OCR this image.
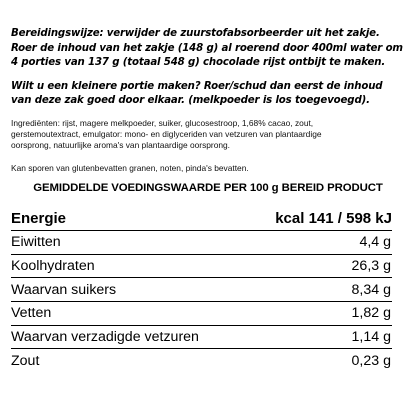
Bereidingswijze: verwijder de zuurstofabsorbeerder uit het zakje.
Roer de inhoud van het zakje (148 g) al roerend door 400ml water om
4 porties van 137 g (totaal 548 g) chocolade rijst ontbijt te maken.
Wilt u een kleinere portie maken? Roer/schud dan eerst de inhoud
van deze zak goed door elkaar. (melkpoeder is los toegevoegd).
Ingrediënten: rijst, magere melkpoeder, suiker, glucosestroop, 1,68% cacao, zout,
gerstemoutextract, emulgator: mono- en diglyceriden van vetzuren van plantaardige
oorsprong, natuurlijke aroma's van plantaardige oorsprong.
Kan sporen van glutenbevatten granen, noten, pinda's bevatten.
GEMIDDELDE VOEDINGSWAARDE PER 100 g BEREID PRODUCT
Energie	kcal 141 / 598 kJ
Eiwitten	4,4 g
Koolhydraten	26,3 g
Waarvan suikers	8,34 g
Vetten	1,82 g
Waarvan verzadigde vetzuren	1,14 g
Zout	0,23 g
